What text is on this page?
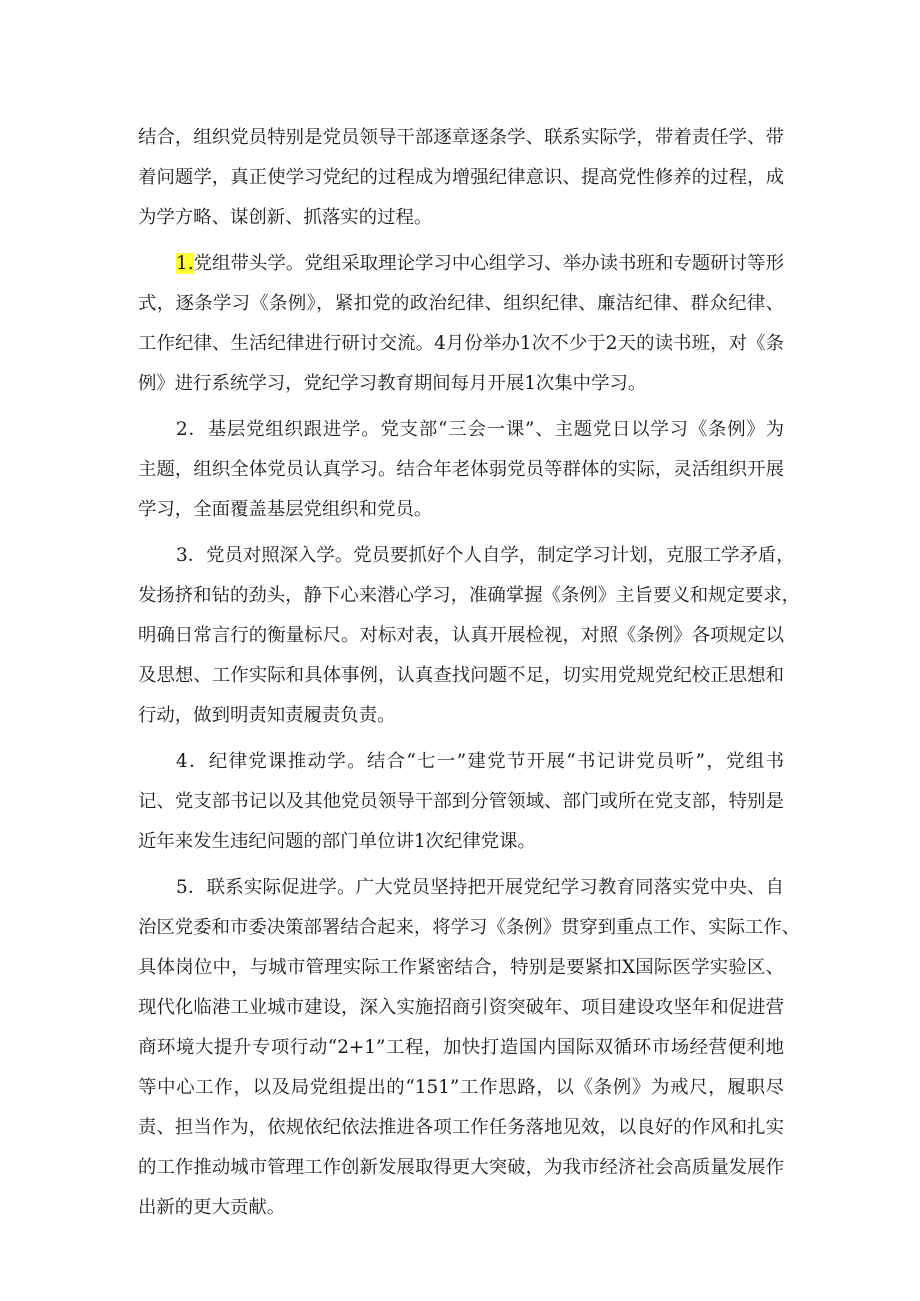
结合，组织党员特别是党员领导干部逐章逐条学、联系实际学，带着责任学、带
着问题学，真正使学习党纪的过程成为增强纪律意识、提高党性修养的过程，成
为学方略、谋创新、抓落实的过程。
1.党组带头学。党组采取理论学习中心组学习、举办读书班和专题研讨等形
式，逐条学习《条例》，紧扣党的政治纪律、组织纪律、廉洁纪律、群众纪律、
工作纪律、生活纪律进行研讨交流。4月份举办1次不少于2天的读书班，对《条
例》进行系统学习，党纪学习教育期间每月开展1次集中学习。
2．基层党组织跟进学。党支部“三会一课”、主题党日以学习《条例》为
主题，组织全体党员认真学习。结合年老体弱党员等群体的实际，灵活组织开展
学习，全面覆盖基层党组织和党员。
3．党员对照深入学。党员要抓好个人自学，制定学习计划，克服工学矛盾，
发扬挤和钻的劲头，静下心来潜心学习，准确掌握《条例》主旨要义和规定要求，
明确日常言行的衡量标尺。对标对表，认真开展检视，对照《条例》各项规定以
及思想、工作实际和具体事例，认真查找问题不足，切实用党规党纪校正思想和
行动，做到明责知责履责负责。
4．纪律党课推动学。结合“七一”建党节开展“书记讲党员听”，党组书
记、党支部书记以及其他党员领导干部到分管领域、部门或所在党支部，特别是
近年来发生违纪问题的部门单位讲1次纪律党课。
5．联系实际促进学。广大党员坚持把开展党纪学习教育同落实党中央、自
治区党委和市委决策部署结合起来，将学习《条例》贯穿到重点工作、实际工作、
具体岗位中，与城市管理实际工作紧密结合，特别是要紧扣X国际医学实验区、
现代化临港工业城市建设，深入实施招商引资突破年、项目建设攻坚年和促进营
商环境大提升专项行动“2+1”工程，加快打造国内国际双循环市场经营便利地
等中心工作，以及局党组提出的“151”工作思路，以《条例》为戒尺，履职尽
责、担当作为，依规依纪依法推进各项工作任务落地见效，以良好的作风和扎实
的工作推动城市管理工作创新发展取得更大突破，为我市经济社会高质量发展作
出新的更大贡献。
